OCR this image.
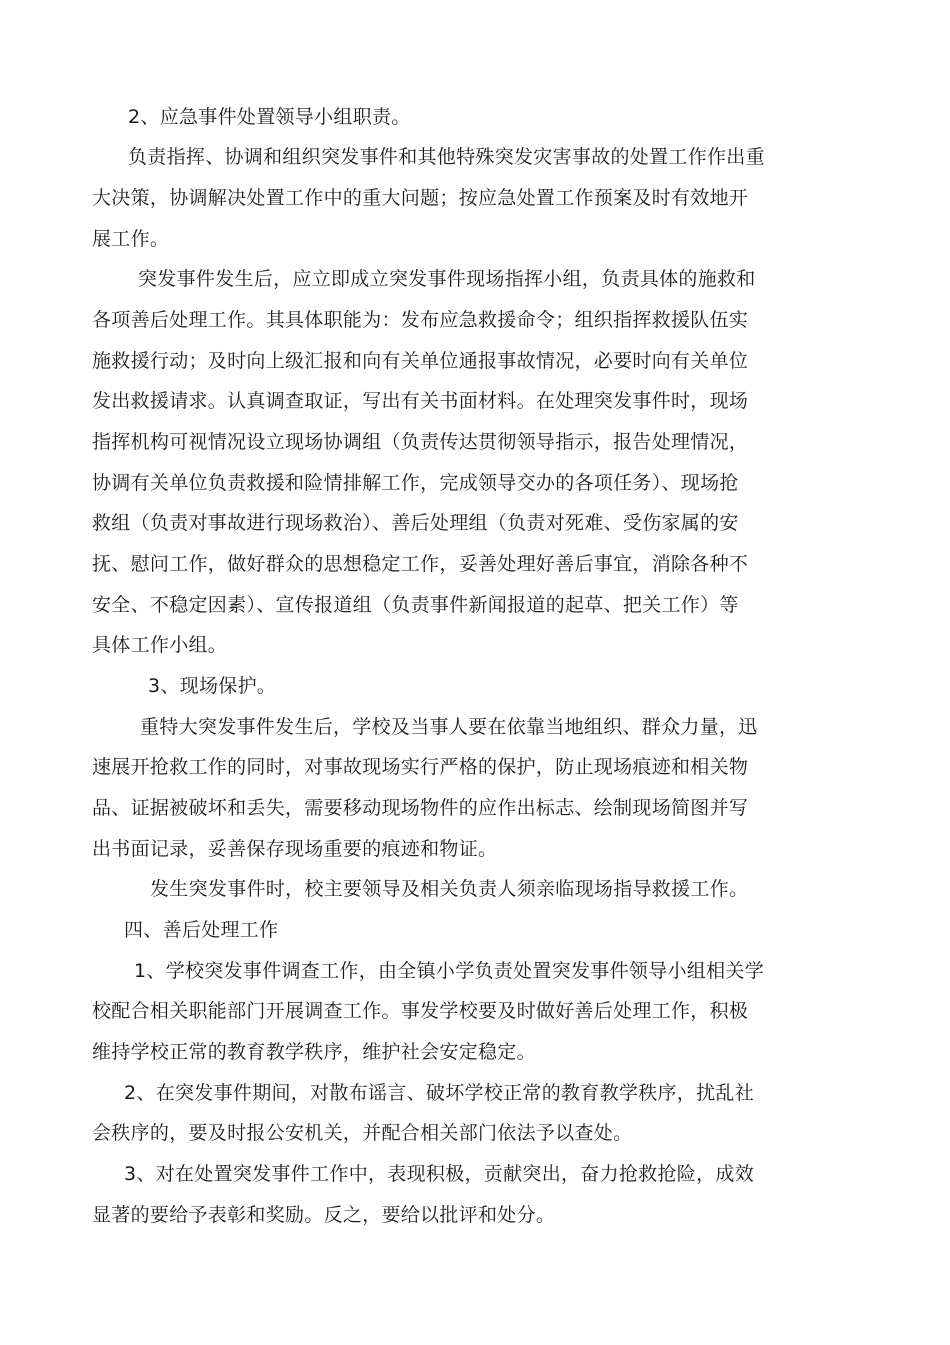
2、应急事件处置领导小组职责。
负责指挥、协调和组织突发事件和其他特殊突发灾害事故的处置工作作出重
大决策，协调解决处置工作中的重大问题；按应急处置工作预案及时有效地开
展工作。
突发事件发生后，应立即成立突发事件现场指挥小组，负责具体的施救和
各项善后处理工作。其具体职能为：发布应急救援命令；组织指挥救援队伍实
施救援行动；及时向上级汇报和向有关单位通报事故情况，必要时向有关单位
发出救援请求。认真调查取证，写出有关书面材料。在处理突发事件时，现场
指挥机构可视情况设立现场协调组（负责传达贯彻领导指示，报告处理情况，
协调有关单位负责救援和险情排解工作，完成领导交办的各项任务）、现场抢
救组（负责对事故进行现场救治）、善后处理组（负责对死难、受伤家属的安
抚、慰问工作，做好群众的思想稳定工作，妥善处理好善后事宜，消除各种不
安全、不稳定因素）、宣传报道组（负责事件新闻报道的起草、把关工作）等
具体工作小组。
3、现场保护。
重特大突发事件发生后，学校及当事人要在依靠当地组织、群众力量，迅
速展开抢救工作的同时，对事故现场实行严格的保护，防止现场痕迹和相关物
品、证据被破坏和丢失，需要移动现场物件的应作出标志、绘制现场简图并写
出书面记录，妥善保存现场重要的痕迹和物证。
发生突发事件时，校主要领导及相关负责人须亲临现场指导救援工作。
四、善后处理工作
1、学校突发事件调查工作，由全镇小学负责处置突发事件领导小组相关学
校配合相关职能部门开展调查工作。事发学校要及时做好善后处理工作，积极
维持学校正常的教育教学秩序，维护社会安定稳定。
2、在突发事件期间，对散布谣言、破坏学校正常的教育教学秩序，扰乱社
会秩序的，要及时报公安机关，并配合相关部门依法予以查处。
3、对在处置突发事件工作中，表现积极，贡献突出，奋力抢救抢险，成效
显著的要给予表彰和奖励。反之，要给以批评和处分。
